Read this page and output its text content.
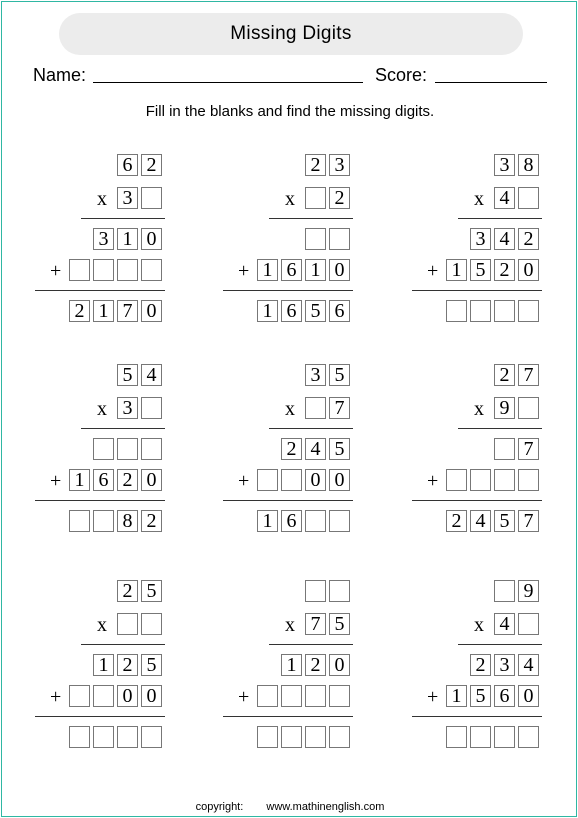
Missing Digits
Name:	Score:
Fill in the blanks and find the missing digits.
6 2
3
x
3 1 0
+
2 1 7 0
2 3
2
x
1 6 1 0
+
1 6 5 6
3 8
4
x
3 4 2
1 5 2 0
+
5 4
3
x
1 6 2 0
+
8 2
3 5
7
x
2 4 5
0 0
+
1 6
2 7
9
x
7
+
2 4 5 7
2 5
x
1 2 5
0 0
+
7 5
x
1 2 0
+
9
4
x
2 3 4
1 5 6 0
+
copyright: www.mathinenglish.com
